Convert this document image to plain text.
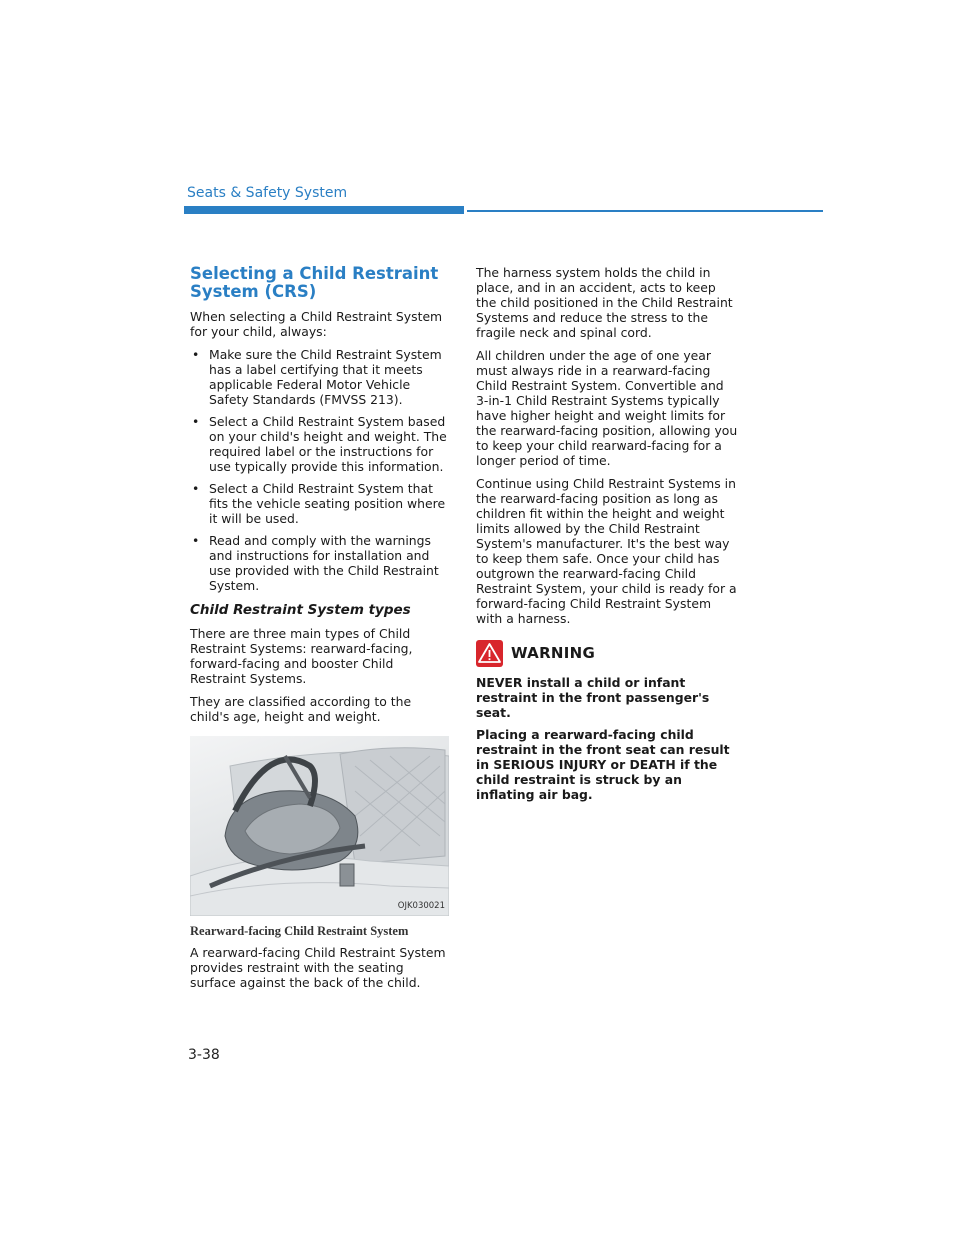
Seats & Safety System
Selecting a Child Restraint System (CRS)

When selecting a Child Restraint System for your child, always:

• Make sure the Child Restraint System has a label certifying that it meets applicable Federal Motor Vehicle Safety Standards (FMVSS 213).
• Select a Child Restraint System based on your child's height and weight. The required label or the instructions for use typically provide this information.
• Select a Child Restraint System that fits the vehicle seating position where it will be used.
• Read and comply with the warnings and instructions for installation and use provided with the Child Restraint System.
Child Restraint System types

There are three main types of Child Restraint Systems: rearward-facing, forward-facing and booster Child Restraint Systems.

They are classified according to the child's age, height and weight.

OJK030021
Rearward-facing Child Restraint System

A rearward-facing Child Restraint System provides restraint with the seating surface against the back of the child.

The harness system holds the child in place, and in an accident, acts to keep the child positioned in the Child Restraint Systems and reduce the stress to the fragile neck and spinal cord.

All children under the age of one year must always ride in a rearward-facing Child Restraint System. Convertible and 3-in-1 Child Restraint Systems typically have higher height and weight limits for the rearward-facing position, allowing you to keep your child rearward-facing for a longer period of time.

Continue using Child Restraint Systems in the rearward-facing position as long as children fit within the height and weight limits allowed by the Child Restraint System's manufacturer. It's the best way to keep them safe. Once your child has outgrown the rearward-facing Child Restraint System, your child is ready for a forward-facing Child Restraint System with a harness.

WARNING

NEVER install a child or infant restraint in the front passenger's seat.

Placing a rearward-facing child restraint in the front seat can result in SERIOUS INJURY or DEATH if the child restraint is struck by an inflating air bag.

3-38
